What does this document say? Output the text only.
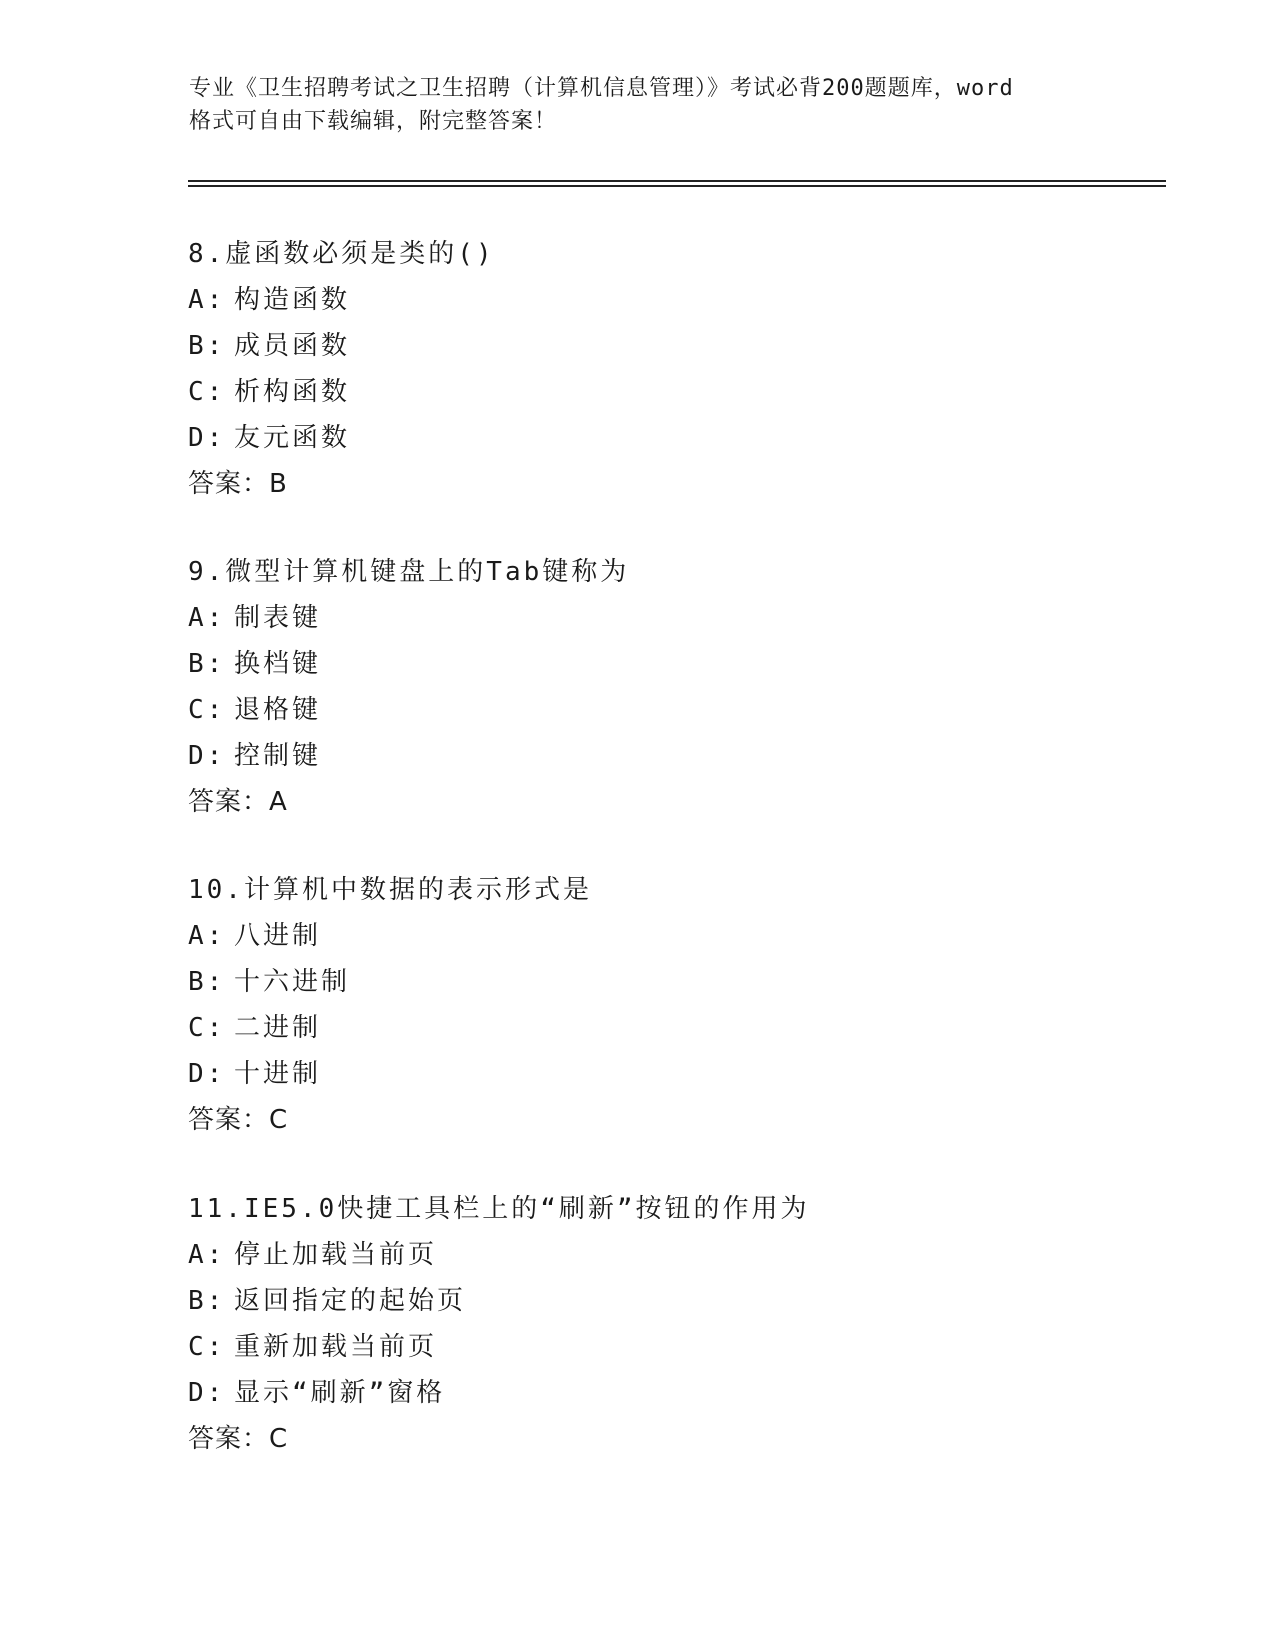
专业《卫生招聘考试之卫生招聘（计算机信息管理）》考试必背200题题库，word
格式可自由下载编辑，附完整答案！
8.虚函数必须是类的()
A: 构造函数
B: 成员函数
C: 析构函数
D: 友元函数
答案：B
9.微型计算机键盘上的Tab键称为
A: 制表键
B: 换档键
C: 退格键
D: 控制键
答案：A
10.计算机中数据的表示形式是
A: 八进制
B: 十六进制
C: 二进制
D: 十进制
答案：C
11.IE5.0快捷工具栏上的“刷新”按钮的作用为
A: 停止加载当前页
B: 返回指定的起始页
C: 重新加载当前页
D: 显示“刷新”窗格
答案：C
